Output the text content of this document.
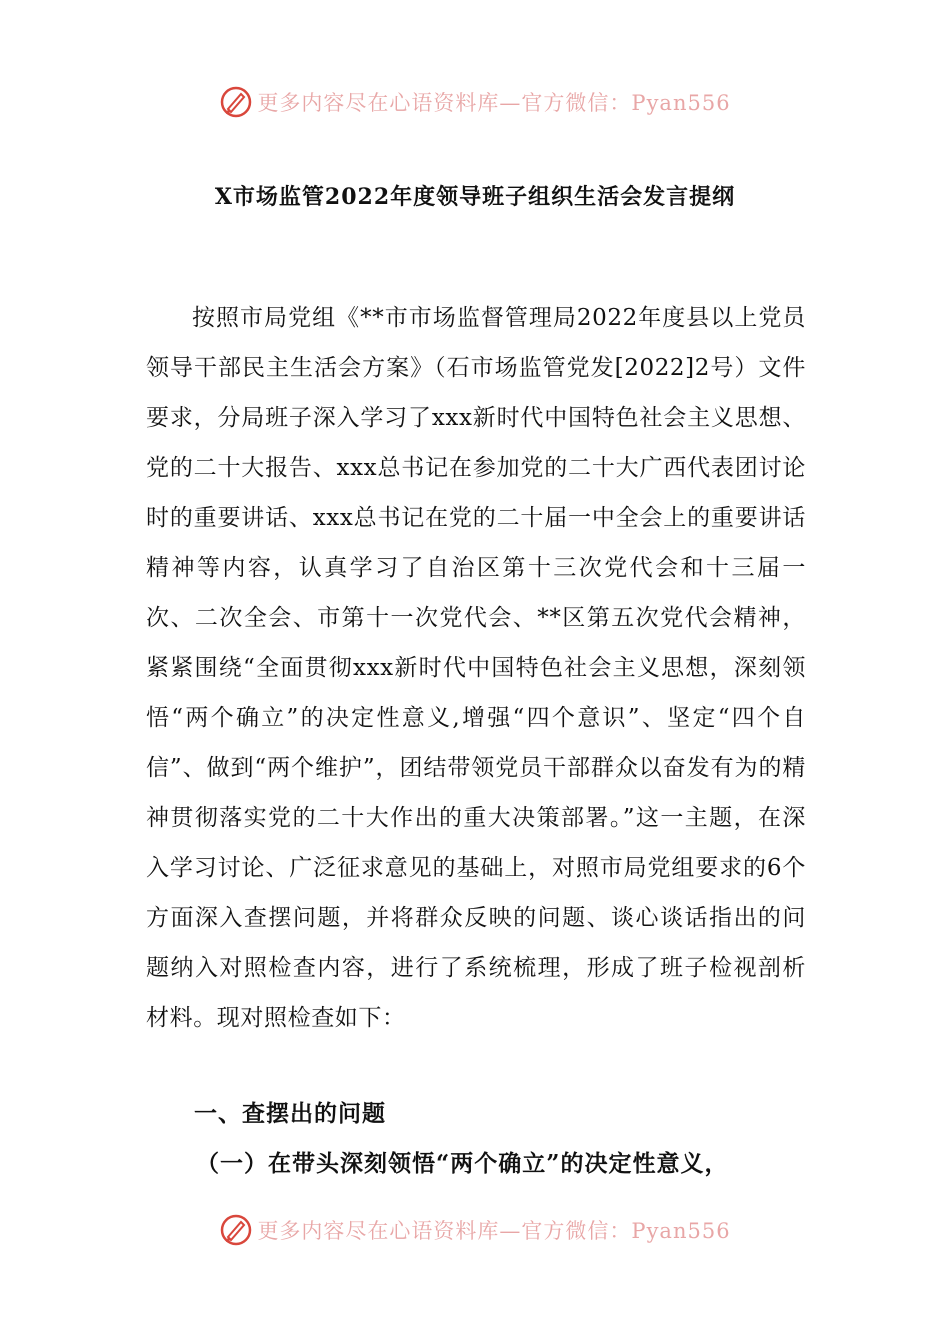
更多内容尽在心语资料库—官方微信：Pyan556
X市场监管2022年度领导班子组织生活会发言提纲

按照市局党组《**市市场监督管理局2022年度县以上党员领导干部民主生活会方案》（石市场监管党发[2022]2号）文件要求，分局班子深入学习了xxx新时代中国特色社会主义思想、党的二十大报告、xxx总书记在参加党的二十大广西代表团讨论时的重要讲话、xxx总书记在党的二十届一中全会上的重要讲话精神等内容，认真学习了自治区第十三次党代会和十三届一次、二次全会、市第十一次党代会、**区第五次党代会精神，紧紧围绕“全面贯彻xxx新时代中国特色社会主义思想，深刻领悟“两个确立”的决定性意义,增强“四个意识”、坚定“四个自信”、做到“两个维护”，团结带领党员干部群众以奋发有为的精神贯彻落实党的二十大作出的重大决策部署。”这一主题，在深入学习讨论、广泛征求意见的基础上，对照市局党组要求的6个方面深入查摆问题，并将群众反映的问题、谈心谈话指出的问题纳入对照检查内容，进行了系统梳理，形成了班子检视剖析材料。现对照检查如下：

一、查摆出的问题
（一）在带头深刻领悟“两个确立”的决定性意义，
更多内容尽在心语资料库—官方微信：Pyan556
